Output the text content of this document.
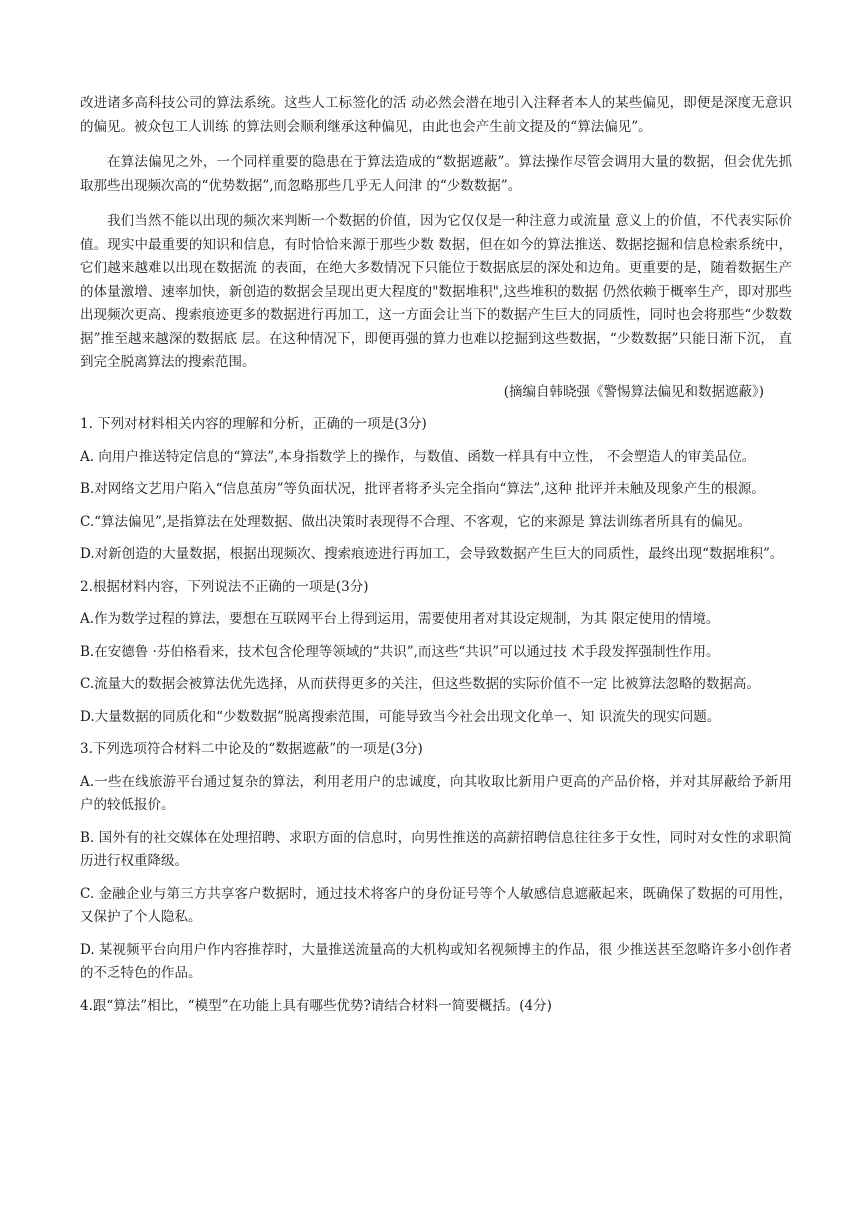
改进诸多高科技公司的算法系统。这些人工标签化的活 动必然会潜在地引入注释者本人的某些偏见，即便是深度无意识的偏见。被众包工人训练 的算法则会顺利继承这种偏见，由此也会产生前文提及的“算法偏见”。

在算法偏见之外，一个同样重要的隐患在于算法造成的“数据遮蔽”。算法操作尽管会调用大量的数据，但会优先抓取那些出现频次高的“优势数据”,而忽略那些几乎无人问津 的“少数数据”。

我们当然不能以出现的频次来判断一个数据的价值，因为它仅仅是一种注意力或流量 意义上的价值，不代表实际价值。现实中最重要的知识和信息，有时恰恰来源于那些少数 数据，但在如今的算法推送、数据挖掘和信息检索系统中，它们越来越难以出现在数据流 的表面，在绝大多数情况下只能位于数据底层的深处和边角。更重要的是，随着数据生产 的体量激增、速率加快，新创造的数据会呈现出更大程度的"数据堆积",这些堆积的数据 仍然依赖于概率生产，即对那些出现频次更高、搜索痕迹更多的数据进行再加工，这一方面会让当下的数据产生巨大的同质性，同时也会将那些“少数数据”推至越来越深的数据底 层。在这种情况下，即便再强的算力也难以挖掘到这些数据，“少数数据”只能日渐下沉， 直到完全脱离算法的搜索范围。

(摘编自韩晓强《警惕算法偏见和数据遮蔽》)

1. 下列对材料相关内容的理解和分析，正确的一项是(3分)

A. 向用户推送特定信息的“算法”,本身指数学上的操作，与数值、函数一样具有中立性， 不会塑造人的审美品位。

B.对网络文艺用户陷入“信息茧房”等负面状况，批评者将矛头完全指向“算法”,这种 批评并未触及现象产生的根源。

C.“算法偏见”,是指算法在处理数据、做出决策时表现得不合理、不客观，它的来源是 算法训练者所具有的偏见。

D.对新创造的大量数据，根据出现频次、搜索痕迹进行再加工，会导致数据产生巨大的同质性，最终出现“数据堆积”。

2.根据材料内容，下列说法不正确的一项是(3分)

A.作为数学过程的算法，要想在互联网平台上得到运用，需要使用者对其设定规制，为其 限定使用的情境。

B.在安德鲁 ·芬伯格看来，技术包含伦理等领域的“共识”,而这些“共识”可以通过技 术手段发挥强制性作用。

C.流量大的数据会被算法优先选择，从而获得更多的关注，但这些数据的实际价值不一定 比被算法忽略的数据高。

D.大量数据的同质化和“少数数据”脱离搜索范围，可能导致当今社会出现文化单一、知 识流失的现实问题。

3.下列选项符合材料二中论及的“数据遮蔽”的一项是(3分)

A.一些在线旅游平台通过复杂的算法，利用老用户的忠诚度，向其收取比新用户更高的产品价格，并对其屏蔽给予新用户的较低报价。

B. 国外有的社交媒体在处理招聘、求职方面的信息时，向男性推送的高薪招聘信息往往多于女性，同时对女性的求职简历进行权重降级。

C. 金融企业与第三方共享客户数据时，通过技术将客户的身份证号等个人敏感信息遮蔽起来，既确保了数据的可用性，又保护了个人隐私。

D. 某视频平台向用户作内容推荐时，大量推送流量高的大机构或知名视频博主的作品，很 少推送甚至忽略许多小创作者的不乏特色的作品。

4.跟“算法”相比，“模型”在功能上具有哪些优势?请结合材料一简要概括。(4分)
